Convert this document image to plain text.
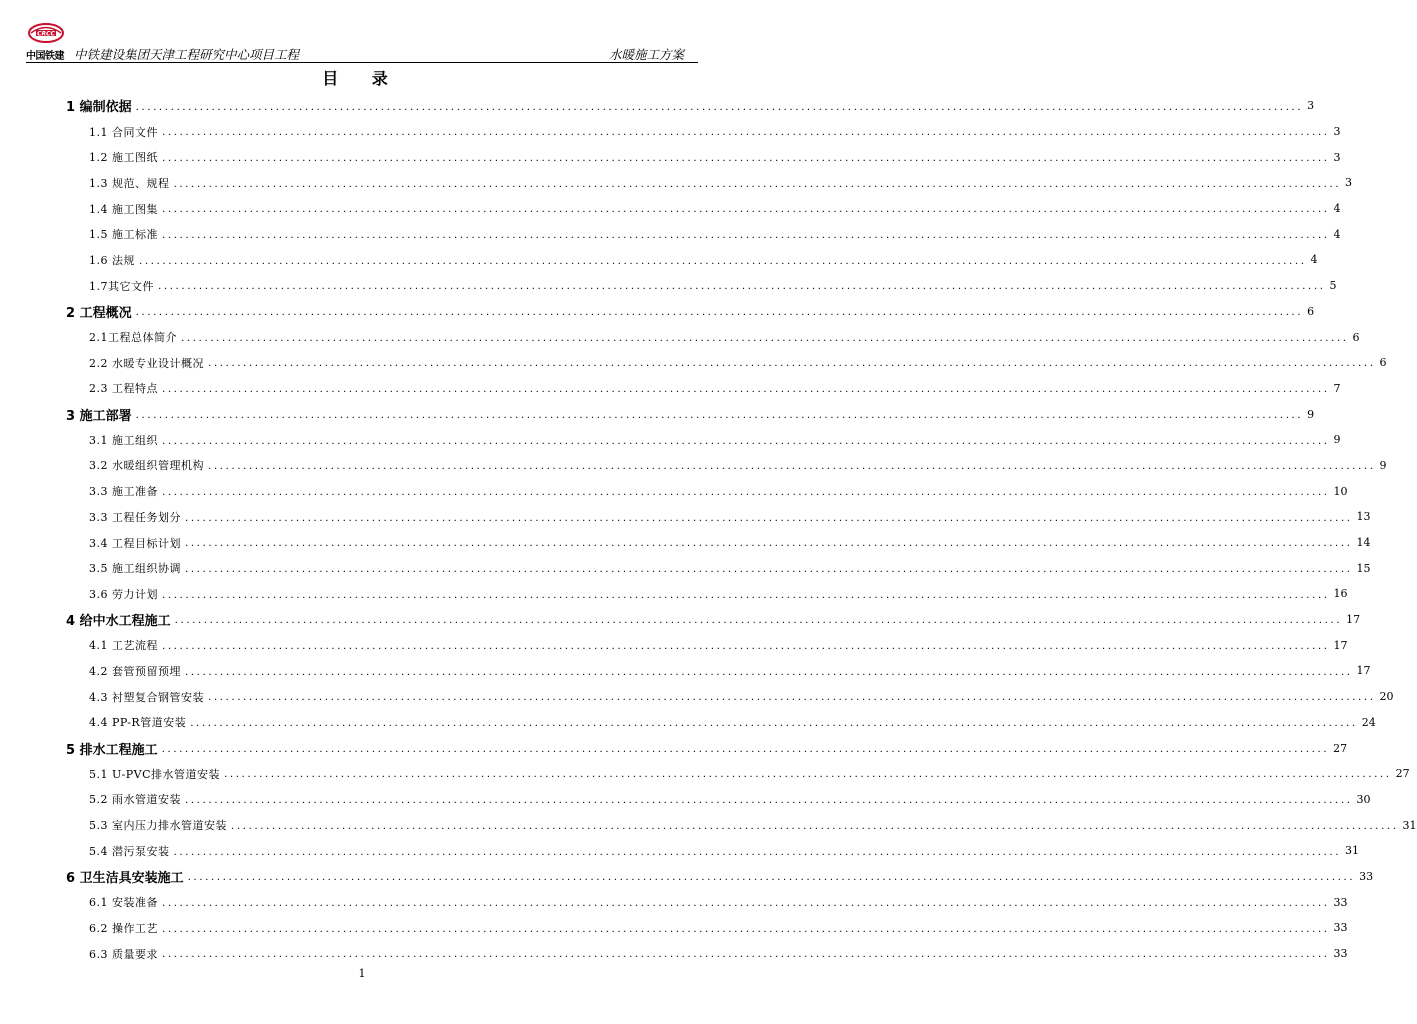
CRCC
中国铁建 中铁建设集团天津工程研究中心项目工程	水暖施工方案
目 录
1 编制依据 ........................................................................................................................................................................................................ 3
1.1 合同文件 ........................................................................................................................................................................................................ 3
1.2 施工图纸 ........................................................................................................................................................................................................ 3
1.3 规范、规程 ........................................................................................................................................................................................................ 3
1.4 施工图集 ........................................................................................................................................................................................................ 4
1.5 施工标准 ........................................................................................................................................................................................................ 4
1.6 法规 ........................................................................................................................................................................................................ 4
1.7其它文件 ........................................................................................................................................................................................................ 5
2 工程概况 ........................................................................................................................................................................................................ 6
2.1工程总体简介 ........................................................................................................................................................................................................ 6
2.2 水暖专业设计概况 ........................................................................................................................................................................................................ 6
2.3 工程特点 ........................................................................................................................................................................................................ 7
3 施工部署 ........................................................................................................................................................................................................ 9
3.1 施工组织 ........................................................................................................................................................................................................ 9
3.2 水暖组织管理机构 ........................................................................................................................................................................................................ 9
3.3 施工准备 ........................................................................................................................................................................................................ 10
3.3 工程任务划分 ........................................................................................................................................................................................................ 13
3.4 工程目标计划 ........................................................................................................................................................................................................ 14
3.5 施工组织协调 ........................................................................................................................................................................................................ 15
3.6 劳力计划 ........................................................................................................................................................................................................ 16
4 给中水工程施工 ........................................................................................................................................................................................................ 17
4.1 工艺流程 ........................................................................................................................................................................................................ 17
4.2 套管预留预埋 ........................................................................................................................................................................................................ 17
4.3 衬塑复合钢管安装 ........................................................................................................................................................................................................ 20
4.4 PP-R管道安装 ........................................................................................................................................................................................................ 24
5 排水工程施工 ........................................................................................................................................................................................................ 27
5.1 U-PVC排水管道安装 ........................................................................................................................................................................................................ 27
5.2 雨水管道安装 ........................................................................................................................................................................................................ 30
5.3 室内压力排水管道安装 ........................................................................................................................................................................................................ 31
5.4 潜污泵安装 ........................................................................................................................................................................................................ 31
6 卫生洁具安装施工 ........................................................................................................................................................................................................ 33
6.1 安装准备 ........................................................................................................................................................................................................ 33
6.2 操作工艺 ........................................................................................................................................................................................................ 33
6.3 质量要求 ........................................................................................................................................................................................................ 33
1
